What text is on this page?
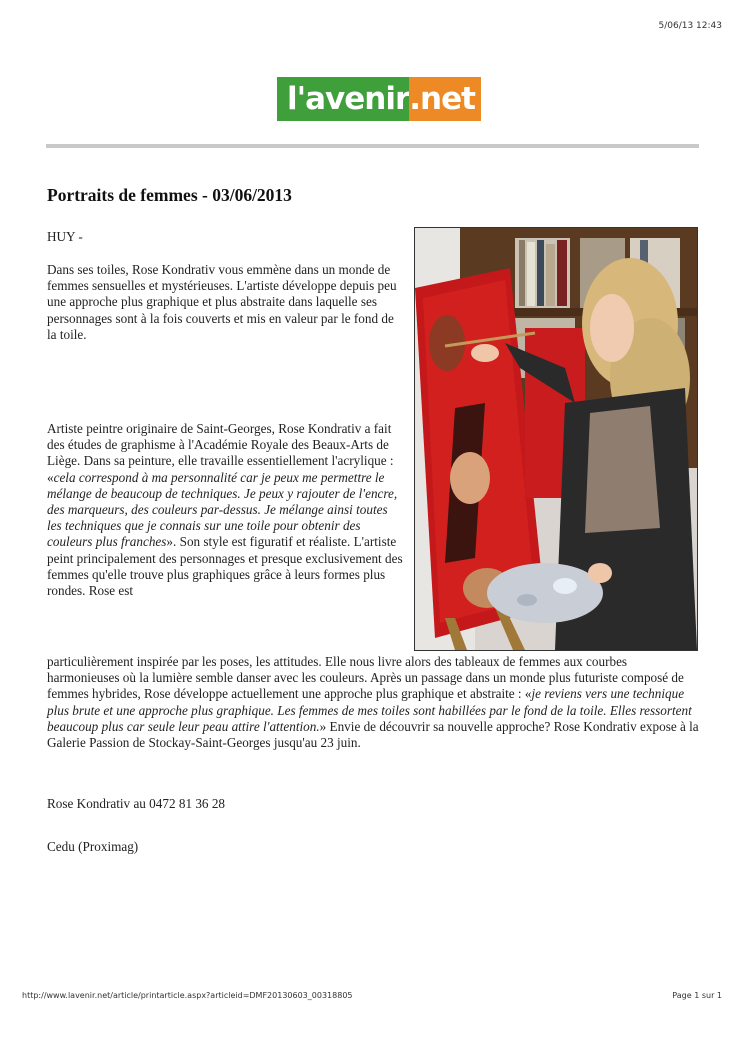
5/06/13 12:43
l'avenir .net
Portraits de femmes - 03/06/2013
HUY -
Dans ses toiles, Rose Kondrativ vous emmène dans un monde de femmes sensuelles et mystérieuses. L'artiste développe depuis peu une approche plus graphique et plus abstraite dans laquelle ses personnages sont à la fois couverts et mis en valeur par le fond de la toile.
Artiste peintre originaire de Saint-Georges, Rose Kondrativ a fait des études de graphisme à l'Académie Royale des Beaux-Arts de Liège. Dans sa peinture, elle travaille essentiellement l'acrylique : «cela correspond à ma personnalité car je peux me permettre le mélange de beaucoup de techniques. Je peux y rajouter de l'encre, des marqueurs, des couleurs par-dessus. Je mélange ainsi toutes les techniques que je connais sur une toile pour obtenir des couleurs plus franches». Son style est figuratif et réaliste. L'artiste peint principalement des personnages et presque exclusivement des femmes qu'elle trouve plus graphiques grâce à leurs formes plus rondes. Rose est
particulièrement inspirée par les poses, les attitudes. Elle nous livre alors des tableaux de femmes aux courbes harmonieuses où la lumière semble danser avec les couleurs. Après un passage dans un monde plus futuriste composé de femmes hybrides, Rose développe actuellement une approche plus graphique et abstraite : «je reviens vers une technique plus brute et une approche plus graphique. Les femmes de mes toiles sont habillées par le fond de la toile. Elles ressortent beaucoup plus car seule leur peau attire l'attention.» Envie de découvrir sa nouvelle approche? Rose Kondrativ expose à la Galerie Passion de Stockay-Saint-Georges jusqu'au 23 juin.
Rose Kondrativ au 0472 81 36 28
Cedu (Proximag)
http://www.lavenir.net/article/printarticle.aspx?articleid=DMF20130603_00318805	Page 1 sur 1
